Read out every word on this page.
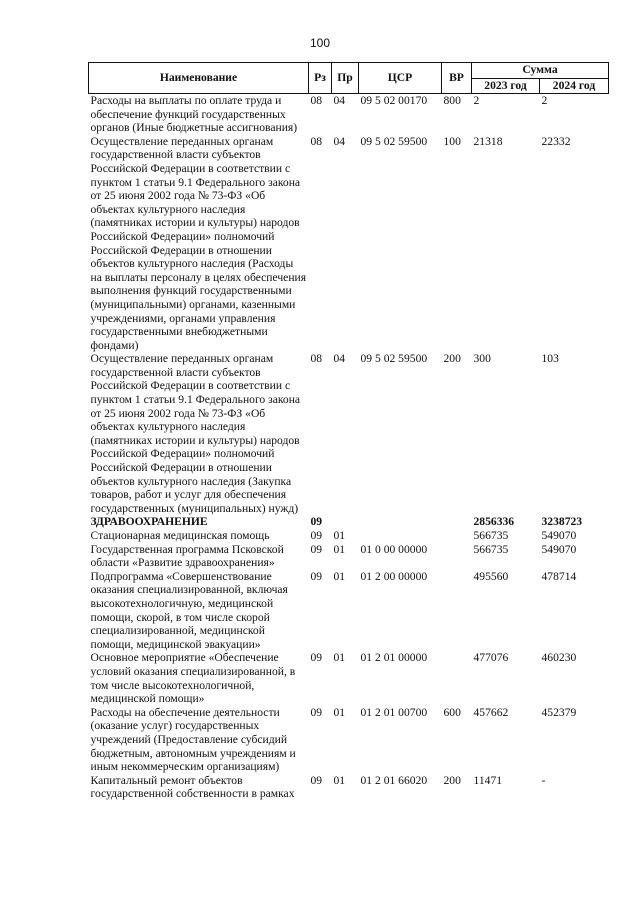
100
Наименование	Рз	Пр	ЦСР	ВР	Сумма	
					2023 год	2024 год
Расходы на выплаты по оплате труда и обеспечение функций государственных органов (Иные бюджетные ассигнования)	08	04	09 5 02 00170	800	2	2
Осуществление переданных органам государственной власти субъектов Российской Федерации в соответствии с пунктом 1 статьи 9.1 Федерального закона от 25 июня 2002 года № 73-ФЗ «Об объектах культурного наследия (памятниках истории и культуры) народов Российской Федерации» полномочий Российской Федерации в отношении объектов культурного наследия (Расходы на выплаты персоналу в целях обеспечения выполнения функций государственными (муниципальными) органами, казенными учреждениями, органами управления государственными внебюджетными фондами)	08	04	09 5 02 59500	100	21318	22332
Осуществление переданных органам государственной власти субъектов Российской Федерации в соответствии с пунктом 1 статьи 9.1 Федерального закона от 25 июня 2002 года № 73-ФЗ «Об объектах культурного наследия (памятниках истории и культуры) народов Российской Федерации» полномочий Российской Федерации в отношении объектов культурного наследия (Закупка товаров, работ и услуг для обеспечения государственных (муниципальных) нужд)	08	04	09 5 02 59500	200	300	103
ЗДРАВООХРАНЕНИЕ	09				2856336	3238723
Стационарная медицинская помощь	09	01			566735	549070
Государственная программа Псковской области «Развитие здравоохранения»	09	01	01 0 00 00000		566735	549070
Подпрограмма «Совершенствование оказания специализированной, включая высокотехнологичную, медицинской помощи, скорой, в том числе скорой специализированной, медицинской помощи, медицинской эвакуации»	09	01	01 2 00 00000		495560	478714
Основное мероприятие «Обеспечение условий оказания специализированной, в том числе высокотехнологичной, медицинской помощи»	09	01	01 2 01 00000		477076	460230
Расходы на обеспечение деятельности (оказание услуг) государственных учреждений (Предоставление субсидий бюджетным, автономным учреждениям и иным некоммерческим организациям)	09	01	01 2 01 00700	600	457662	452379
Капитальный ремонт объектов государственной собственности в рамках	09	01	01 2 01 66020	200	11471	-
